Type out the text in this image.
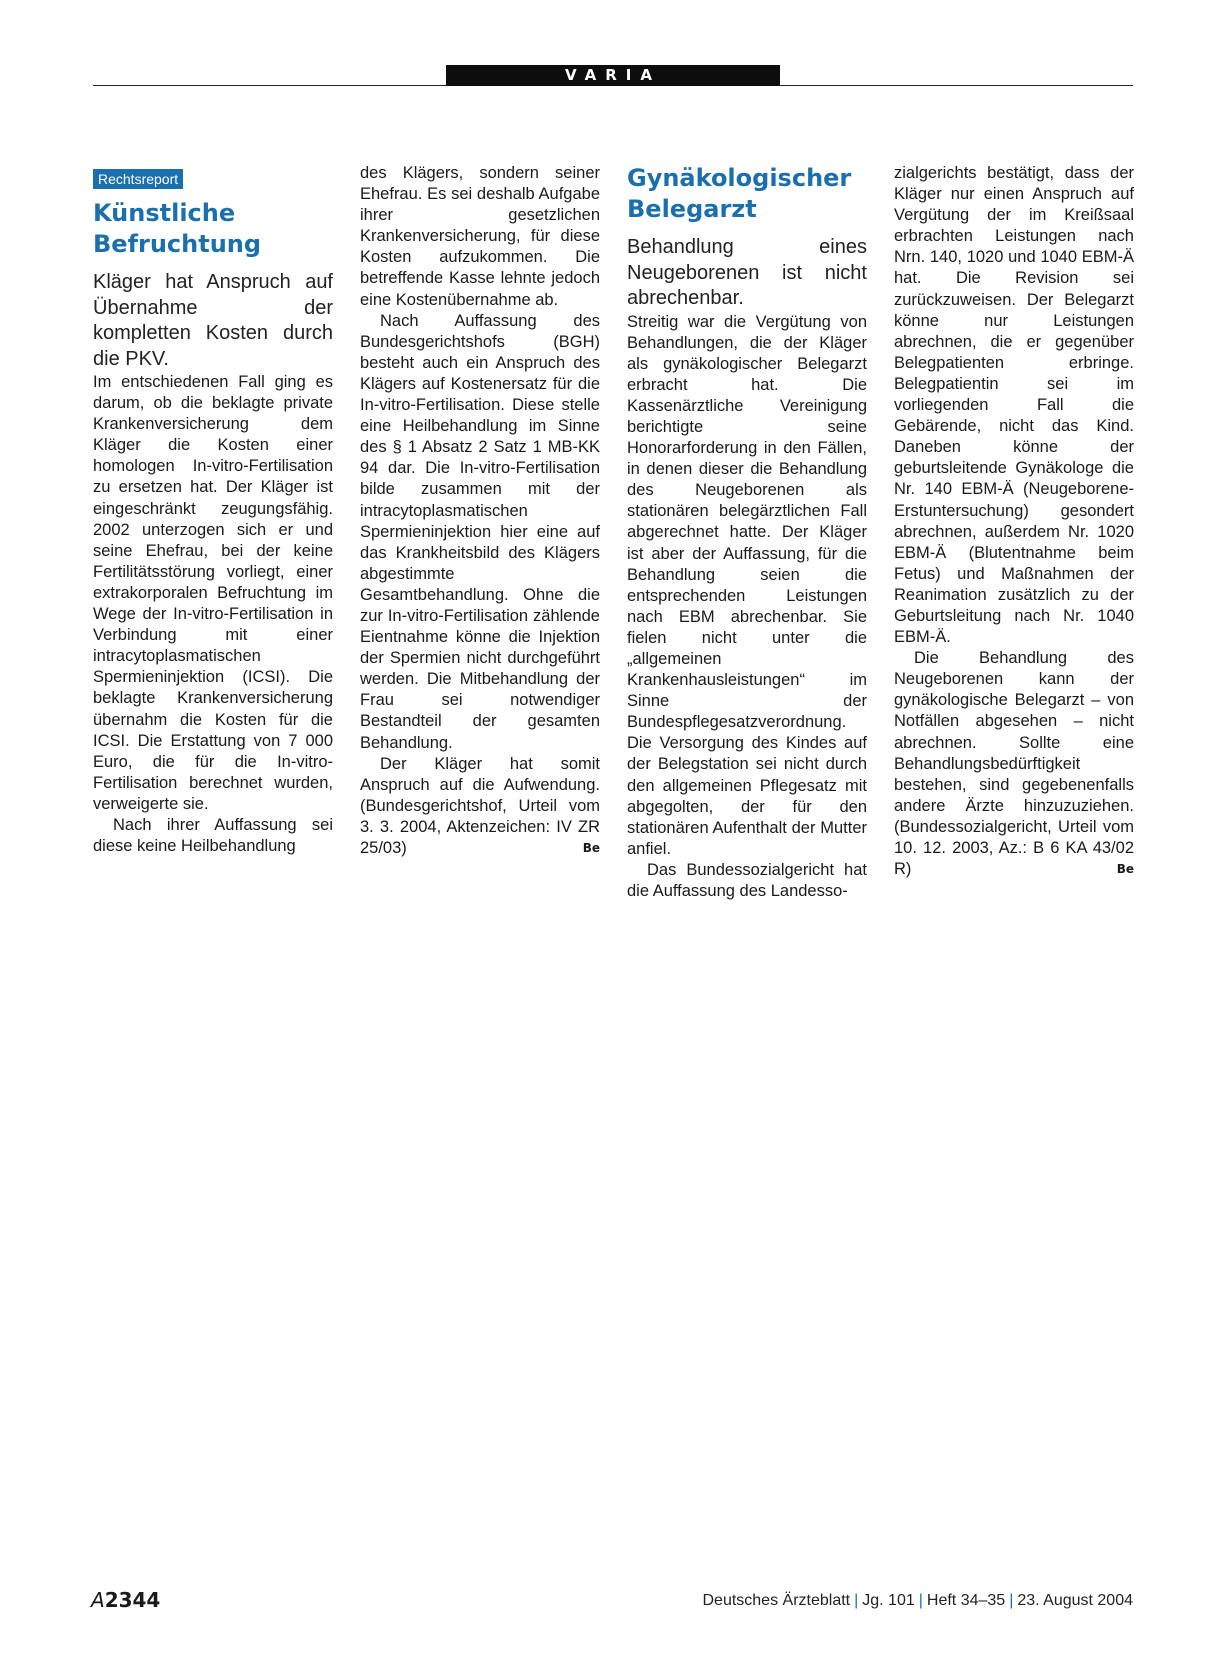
VARIA
Rechtsreport
Künstliche Befruchtung

Kläger hat Anspruch auf Übernahme der kompletten Kosten durch die PKV.

Im entschiedenen Fall ging es darum, ob die beklagte private Krankenversicherung dem Kläger die Kosten einer homologen In-vitro-Fertilisation zu ersetzen hat. Der Kläger ist eingeschränkt zeugungsfähig. 2002 unterzogen sich er und seine Ehefrau, bei der keine Fertilitätsstörung vorliegt, einer extrakorporalen Befruchtung im Wege der In-vitro-Fertilisation in Verbindung mit einer intracytoplasmatischen Spermieninjektion (ICSI). Die beklagte Krankenversicherung übernahm die Kosten für die ICSI. Die Erstattung von 7 000 Euro, die für die In-vitro-Fertilisation berechnet wurden, verweigerte sie.

Nach ihrer Auffassung sei diese keine Heilbehandlung

des Klägers, sondern seiner Ehefrau. Es sei deshalb Aufgabe ihrer gesetzlichen Krankenversicherung, für diese Kosten aufzukommen. Die betreffende Kasse lehnte jedoch eine Kostenübernahme ab.

Nach Auffassung des Bundesgerichtshofs (BGH) besteht auch ein Anspruch des Klägers auf Kostenersatz für die In-vitro-Fertilisation. Diese stelle eine Heilbehandlung im Sinne des § 1 Absatz 2 Satz 1 MB-KK 94 dar. Die In-vitro-Fertilisation bilde zusammen mit der intracytoplasmatischen Spermieninjektion hier eine auf das Krankheitsbild des Klägers abgestimmte Gesamtbehandlung. Ohne die zur In-vitro-Fertilisation zählende Eientnahme könne die Injektion der Spermien nicht durchgeführt werden. Die Mitbehandlung der Frau sei notwendiger Bestandteil der gesamten Behandlung.

Der Kläger hat somit Anspruch auf die Aufwendung. (Bundesgerichtshof, Urteil vom 3. 3. 2004, Aktenzeichen: IV ZR 25/03)	Be

Gynäkologischer Belegarzt

Behandlung eines Neugeborenen ist nicht abrechenbar.

Streitig war die Vergütung von Behandlungen, die der Kläger als gynäkologischer Belegarzt erbracht hat. Die Kassenärztliche Vereinigung berichtigte seine Honorarforderung in den Fällen, in denen dieser die Behandlung des Neugeborenen als stationären belegärztlichen Fall abgerechnet hatte. Der Kläger ist aber der Auffassung, für die Behandlung seien die entsprechenden Leistungen nach EBM abrechenbar. Sie fielen nicht unter die „allgemeinen Krankenhausleistungen“ im Sinne der Bundespflegesatzverordnung. Die Versorgung des Kindes auf der Belegstation sei nicht durch den allgemeinen Pflegesatz mit abgegolten, der für den stationären Aufenthalt der Mutter anfiel.

Das Bundessozialgericht hat die Auffassung des Landesso-

zialgerichts bestätigt, dass der Kläger nur einen Anspruch auf Vergütung der im Kreißsaal erbrachten Leistungen nach Nrn. 140, 1020 und 1040 EBM-Ä hat. Die Revision sei zurückzuweisen. Der Belegarzt könne nur Leistungen abrechnen, die er gegenüber Belegpatienten erbringe. Belegpatientin sei im vorliegenden Fall die Gebärende, nicht das Kind. Daneben könne der geburtsleitende Gynäkologe die Nr. 140 EBM-Ä (Neugeborene-Erstuntersuchung) gesondert abrechnen, außerdem Nr. 1020 EBM-Ä (Blutentnahme beim Fetus) und Maßnahmen der Reanimation zusätzlich zu der Geburtsleitung nach Nr. 1040 EBM-Ä.

Die Behandlung des Neugeborenen kann der gynäkologische Belegarzt – von Notfällen abgesehen – nicht abrechnen. Sollte eine Behandlungsbedürftigkeit bestehen, sind gegebenenfalls andere Ärzte hinzuzuziehen. (Bundessozialgericht, Urteil vom 10. 12. 2003, Az.: B 6 KA 43/02 R)	Be

A2344	Deutsches Ärzteblatt | Jg. 101 | Heft 34–35 | 23. August 2004
